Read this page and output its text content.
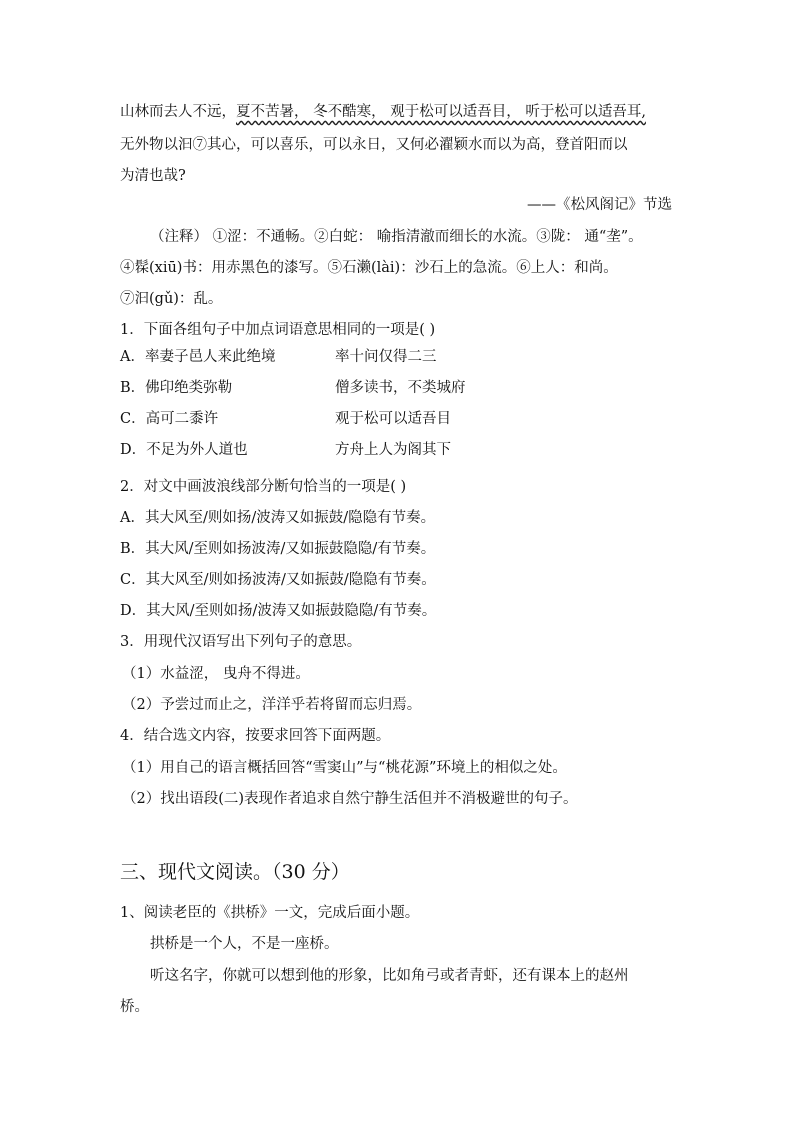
山林而去人不远，夏不苦暑， 冬不酷寒， 观于松可以适吾目， 听于松可以适吾耳,
无外物以汩⑦其心，可以喜乐，可以永日，又何必濯颖水而以为高，登首阳而以
为清也哉?
——《松风阁记》节选
（注释） ①涩：不通畅。②白蛇： 喻指清澈而细长的水流。③陇： 通“垄”。
④髹(xiū)书：用赤黑色的漆写。⑤石濑(lài)：沙石上的急流。⑥上人：和尚。
⑦汩(gǔ)：乱。
1．下面各组句子中加点词语意思相同的一项是( )
A．率妻子邑人来此绝境	率十问仅得二三
B．佛印绝类弥勒	僧多读书，不类城府
C．高可二黍许	观于松可以适吾目
D．不足为外人道也	方舟上人为阁其下
2．对文中画波浪线部分断句恰当的一项是( )
A．其大风至/则如扬/波涛又如振鼓/隐隐有节奏。
B．其大风/至则如扬波涛/又如振鼓隐隐/有节奏。
C．其大风至/则如扬波涛/又如振鼓/隐隐有节奏。
D．其大风/至则如扬/波涛又如振鼓隐隐/有节奏。
3．用现代汉语写出下列句子的意思。
（1）水益涩， 曳舟不得进。
（2）予尝过而止之，洋洋乎若将留而忘归焉。
4．结合选文内容，按要求回答下面两题。
（1）用自己的语言概括回答“雪窦山”与“桃花源”环境上的相似之处。
（2）找出语段(二)表现作者追求自然宁静生活但并不消极避世的句子。
三、现代文阅读。（30 分）
1、阅读老臣的《拱桥》一文，完成后面小题。
拱桥是一个人，不是一座桥。
听这名字，你就可以想到他的形象，比如角弓或者青虾，还有课本上的赵州
桥。
